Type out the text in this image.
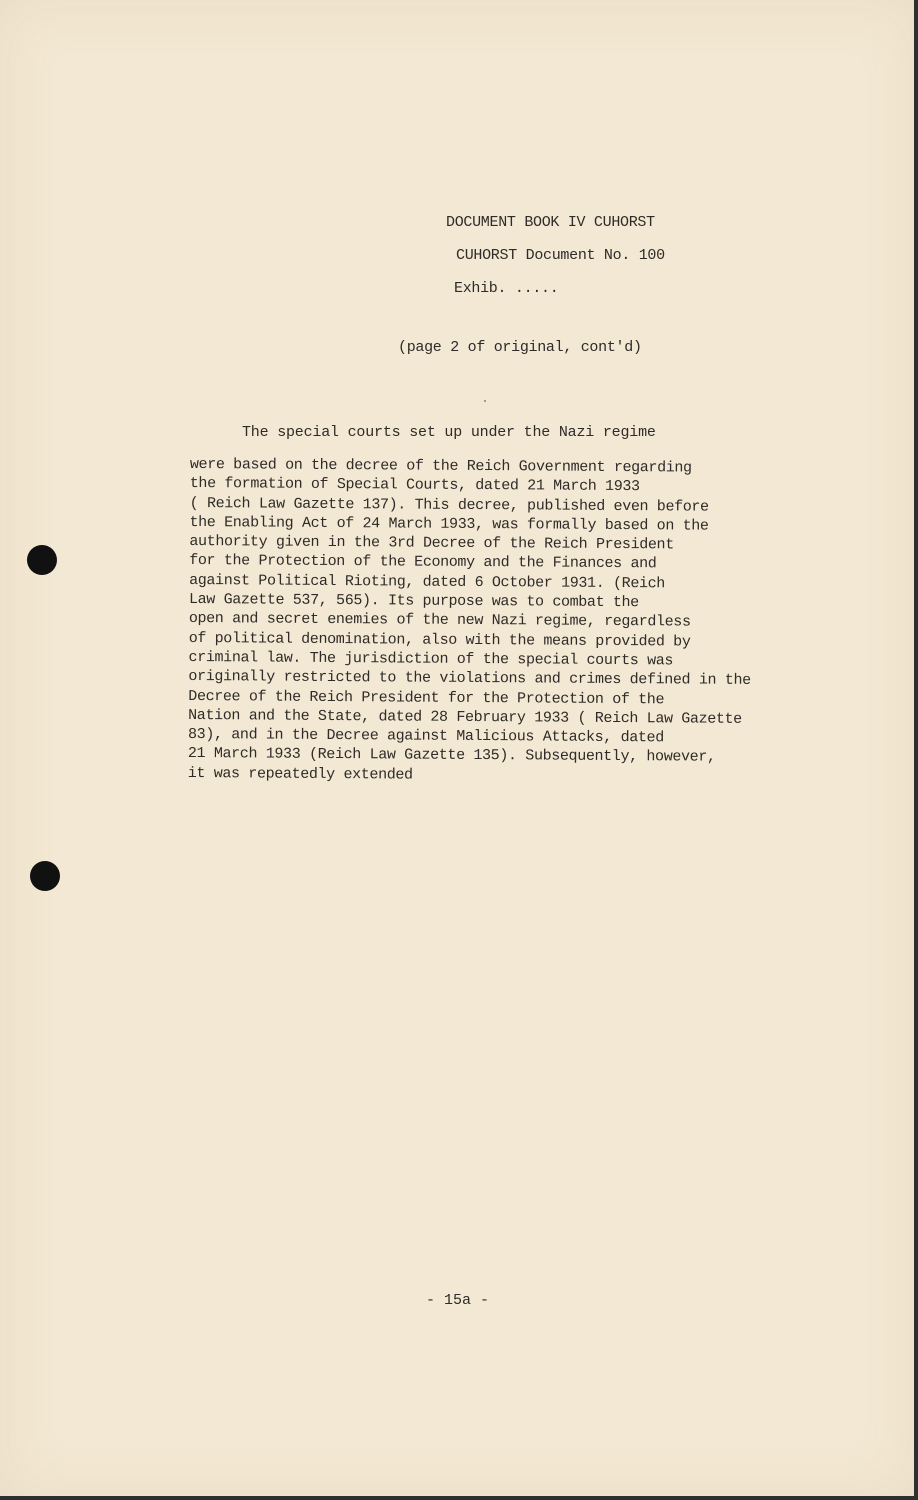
DOCUMENT BOOK IV CUHORST
CUHORST Document No. 100
Exhib. .....
(page 2 of original, cont'd)
The special courts set up under the Nazi regime
were based on the decree of the Reich Government regarding
the formation of Special Courts, dated 21 March 1933
( Reich Law Gazette 137). This decree, published even before
the Enabling Act of 24 March 1933, was formally based on the
authority given in the 3rd Decree of the Reich President
for the Protection of the Economy and the Finances and
against Political Rioting, dated 6 October 1931. (Reich
Law Gazette 537, 565). Its purpose was to combat the
open and secret enemies of the new Nazi regime, regardless
of political denomination, also with the means provided by
criminal law. The jurisdiction of the special courts was
originally restricted to the violations and crimes defined in the
Decree of the Reich President for the Protection of the
Nation and the State, dated 28 February 1933 ( Reich Law Gazette
83), and in the Decree against Malicious Attacks, dated
21 March 1933 (Reich Law Gazette 135). Subsequently, however,
it was repeatedly extended
- 15a -
